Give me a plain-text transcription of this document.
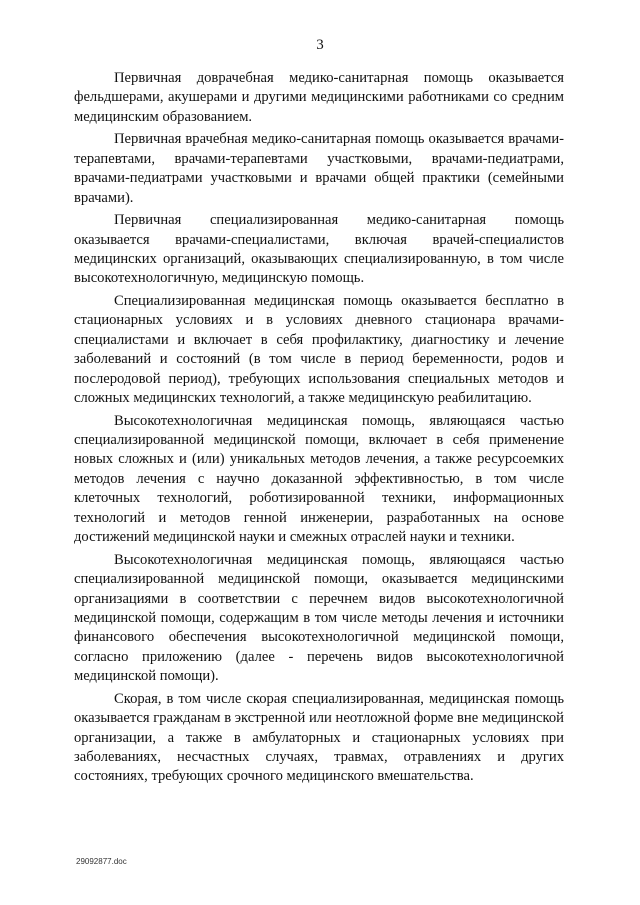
3

Первичная доврачебная медико-санитарная помощь оказывается фельдшерами, акушерами и другими медицинскими работниками со средним медицинским образованием.

Первичная врачебная медико-санитарная помощь оказывается врачами-терапевтами, врачами-терапевтами участковыми, врачами-педиатрами, врачами-педиатрами участковыми и врачами общей практики (семейными врачами).

Первичная специализированная медико-санитарная помощь оказывается врачами-специалистами, включая врачей-специалистов медицинских организаций, оказывающих специализированную, в том числе высокотехнологичную, медицинскую помощь.

Специализированная медицинская помощь оказывается бесплатно в стационарных условиях и в условиях дневного стационара врачами-специалистами и включает в себя профилактику, диагностику и лечение заболеваний и состояний (в том числе в период беременности, родов и послеродовой период), требующих использования специальных методов и сложных медицинских технологий, а также медицинскую реабилитацию.

Высокотехнологичная медицинская помощь, являющаяся частью специализированной медицинской помощи, включает в себя применение новых сложных и (или) уникальных методов лечения, а также ресурсоемких методов лечения с научно доказанной эффективностью, в том числе клеточных технологий, роботизированной техники, информационных технологий и методов генной инженерии, разработанных на основе достижений медицинской науки и смежных отраслей науки и техники.

Высокотехнологичная медицинская помощь, являющаяся частью специализированной медицинской помощи, оказывается медицинскими организациями в соответствии с перечнем видов высокотехнологичной медицинской помощи, содержащим в том числе методы лечения и источники финансового обеспечения высокотехнологичной медицинской помощи, согласно приложению (далее - перечень видов высокотехнологичной медицинской помощи).

Скорая, в том числе скорая специализированная, медицинская помощь оказывается гражданам в экстренной или неотложной форме вне медицинской организации, а также в амбулаторных и стационарных условиях при заболеваниях, несчастных случаях, травмах, отравлениях и других состояниях, требующих срочного медицинского вмешательства.

29092877.doc
